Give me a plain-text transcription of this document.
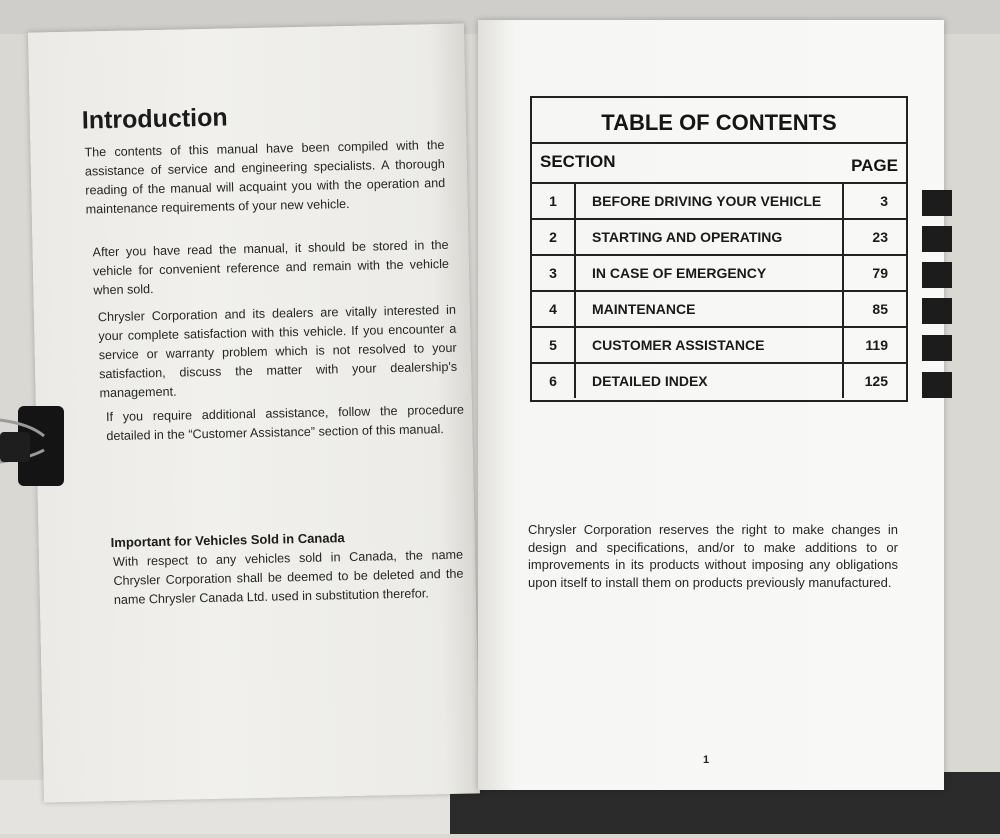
Introduction

The contents of this manual have been compiled with the assistance of service and engineering specialists. A thorough reading of the manual will acquaint you with the operation and maintenance requirements of your new vehicle.

After you have read the manual, it should be stored in the vehicle for convenient reference and remain with the vehicle when sold.

Chrysler Corporation and its dealers are vitally interested in your complete satisfaction with this vehicle. If you encounter a service or warranty problem which is not resolved to your satisfaction, discuss the matter with your dealership's management.

If you require additional assistance, follow the procedure detailed in the “Customer Assistance” section of this manual.

Important for Vehicles Sold in Canada

With respect to any vehicles sold in Canada, the name Chrysler Corporation shall be deemed to be deleted and the name Chrysler Canada Ltd. used in substitution therefor.

TABLE OF CONTENTS
SECTION	PAGE
1	BEFORE DRIVING YOUR VEHICLE	3
2	STARTING AND OPERATING	23
3	IN CASE OF EMERGENCY	79
4	MAINTENANCE	85
5	CUSTOMER ASSISTANCE	119
6	DETAILED INDEX	125

Chrysler Corporation reserves the right to make changes in design and specifications, and/or to make additions to or improvements in its products without imposing any obligations upon itself to install them on products previously manufactured.

1
